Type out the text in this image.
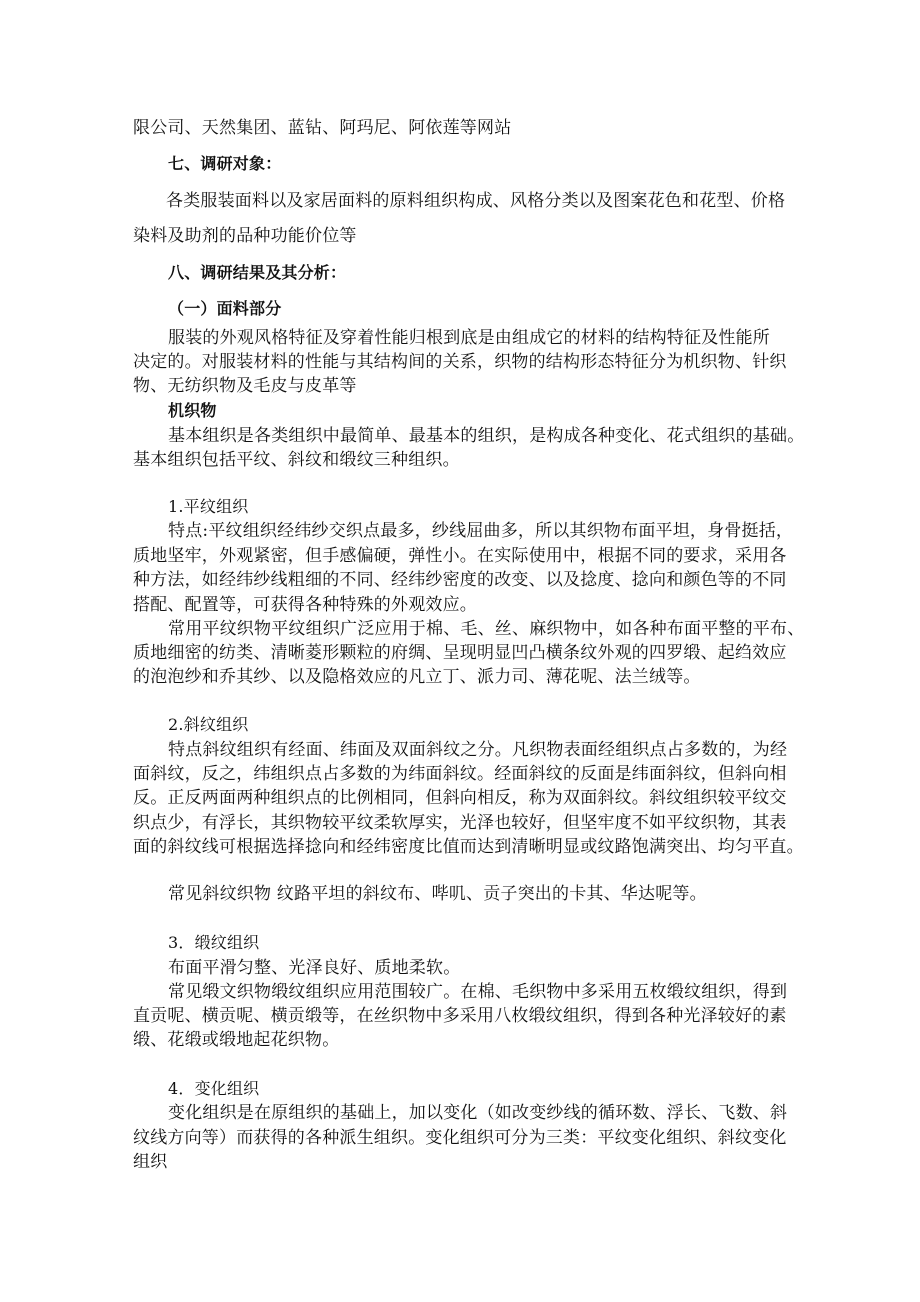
限公司、天然集团、蓝钻、阿玛尼、阿依莲等网站
七、调研对象：
各类服装面料以及家居面料的原料组织构成、风格分类以及图案花色和花型、价格
染料及助剂的品种功能价位等
八、调研结果及其分析：
（一）面料部分
服装的外观风格特征及穿着性能归根到底是由组成它的材料的结构特征及性能所
决定的。对服装材料的性能与其结构间的关系，织物的结构形态特征分为机织物、针织
物、无纺织物及毛皮与皮革等
机织物
基本组织是各类组织中最简单、最基本的组织，是构成各种变化、花式组织的基础。
基本组织包括平纹、斜纹和缎纹三种组织。
1.平纹组织
特点:平纹组织经纬纱交织点最多，纱线屈曲多，所以其织物布面平坦，身骨挺括，
质地坚牢，外观紧密，但手感偏硬，弹性小。在实际使用中，根据不同的要求，采用各
种方法，如经纬纱线粗细的不同、经纬纱密度的改变、以及捻度、捻向和颜色等的不同
搭配、配置等，可获得各种特殊的外观效应。
常用平纹织物平纹组织广泛应用于棉、毛、丝、麻织物中，如各种布面平整的平布、
质地细密的纺类、清晰菱形颗粒的府绸、呈现明显凹凸横条纹外观的四罗缎、起绉效应
的泡泡纱和乔其纱、以及隐格效应的凡立丁、派力司、薄花呢、法兰绒等。
2.斜纹组织
特点斜纹组织有经面、纬面及双面斜纹之分。凡织物表面经组织点占多数的，为经
面斜纹，反之，纬组织点占多数的为纬面斜纹。经面斜纹的反面是纬面斜纹，但斜向相
反。正反两面两种组织点的比例相同，但斜向相反，称为双面斜纹。斜纹组织较平纹交
织点少，有浮长，其织物较平纹柔软厚实，光泽也较好，但坚牢度不如平纹织物，其表
面的斜纹线可根据选择捻向和经纬密度比值而达到清晰明显或纹路饱满突出、均匀平直。
常见斜纹织物 纹路平坦的斜纹布、哔叽、贡子突出的卡其、华达呢等。
3．缎纹组织
布面平滑匀整、光泽良好、质地柔软。
常见缎文织物缎纹组织应用范围较广。在棉、毛织物中多采用五枚缎纹组织，得到
直贡呢、横贡呢、横贡缎等，在丝织物中多采用八枚缎纹组织，得到各种光泽较好的素
缎、花缎或缎地起花织物。
4．变化组织
变化组织是在原组织的基础上，加以变化（如改变纱线的循环数、浮长、飞数、斜
纹线方向等）而获得的各种派生组织。变化组织可分为三类：平纹变化组织、斜纹变化
组织
